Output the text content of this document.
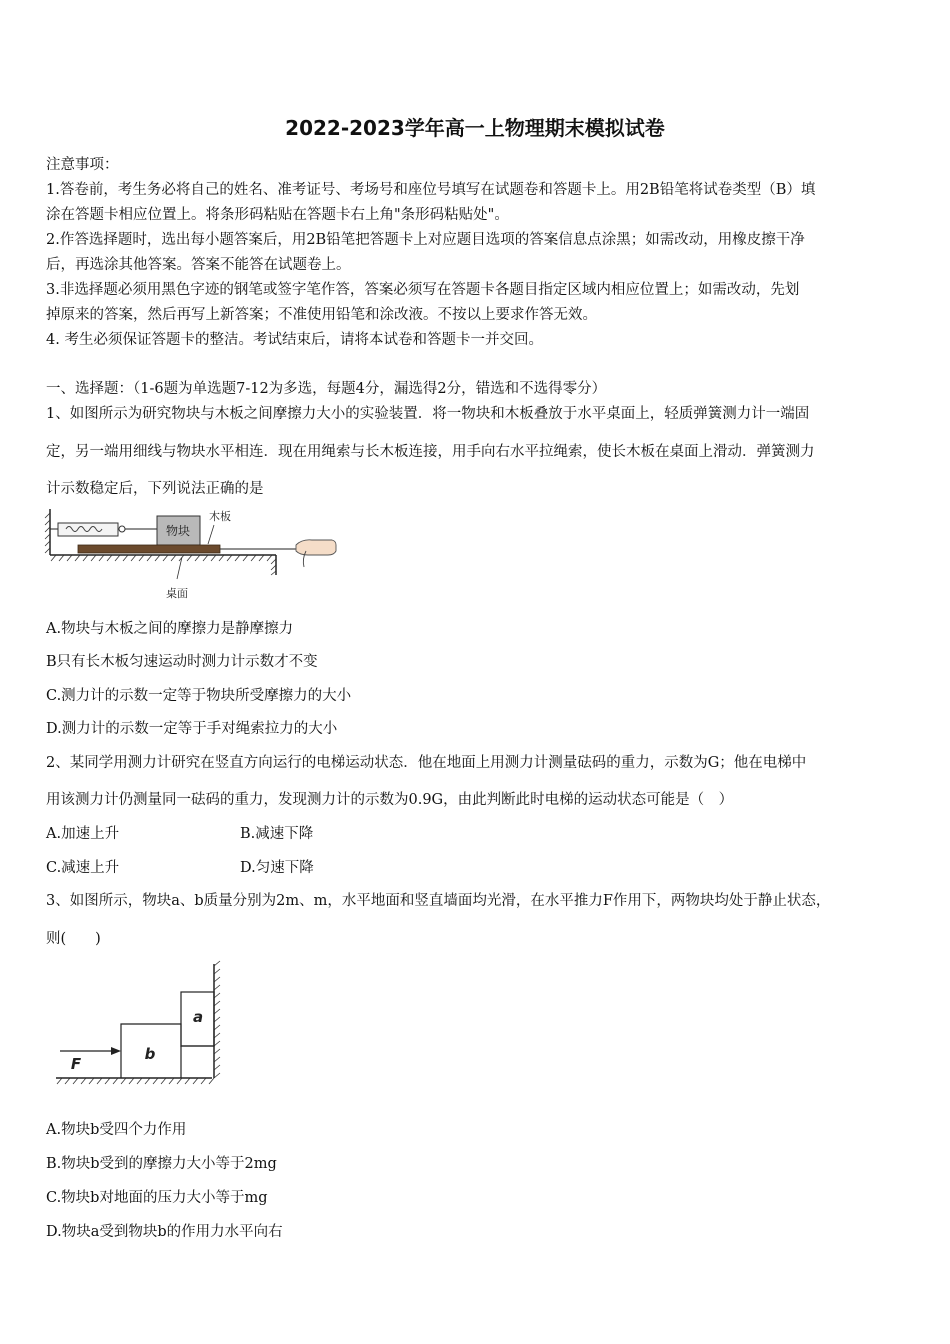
2022-2023学年高一上物理期末模拟试卷
注意事项：
1.答卷前，考生务必将自己的姓名、准考证号、考场号和座位号填写在试题卷和答题卡上。用2B铅笔将试卷类型（B）填
涂在答题卡相应位置上。将条形码粘贴在答题卡右上角"条形码粘贴处"。
2.作答选择题时，选出每小题答案后，用2B铅笔把答题卡上对应题目选项的答案信息点涂黑；如需改动，用橡皮擦干净
后，再选涂其他答案。答案不能答在试题卷上。
3.非选择题必须用黑色字迹的钢笔或签字笔作答，答案必须写在答题卡各题目指定区域内相应位置上；如需改动，先划
掉原来的答案，然后再写上新答案；不准使用铅笔和涂改液。不按以上要求作答无效。
4. 考生必须保证答题卡的整洁。考试结束后，请将本试卷和答题卡一并交回。
一、选择题：（1-6题为单选题7-12为多选，每题4分，漏选得2分，错选和不选得零分）
1、如图所示为研究物块与木板之间摩擦力大小的实验装置．将一物块和木板叠放于水平桌面上，轻质弹簧测力计一端固
定，另一端用细线与物块水平相连．现在用绳索与长木板连接，用手向右水平拉绳索，使长木板在桌面上滑动．弹簧测力
计示数稳定后，下列说法正确的是
物块
木板
桌面
A.物块与木板之间的摩擦力是静摩擦力
B只有长木板匀速运动时测力计示数才不变
C.测力计的示数一定等于物块所受摩擦力的大小
D.测力计的示数一定等于手对绳索拉力的大小
2、某同学用测力计研究在竖直方向运行的电梯运动状态．他在地面上用测力计测量砝码的重力，示数为G；他在电梯中
用该测力计仍测量同一砝码的重力，发现测力计的示数为0.9G，由此判断此时电梯的运动状态可能是（　）
A.加速上升	B.减速下降
C.减速上升	D.匀速下降
3、如图所示，物块a、b质量分别为2m、m，水平地面和竖直墙面均光滑，在水平推力F作用下，两物块均处于静止状态，
则(　　)
b
a
F
A.物块b受四个力作用
B.物块b受到的摩擦力大小等于2mg
C.物块b对地面的压力大小等于mg
D.物块a受到物块b的作用力水平向右
